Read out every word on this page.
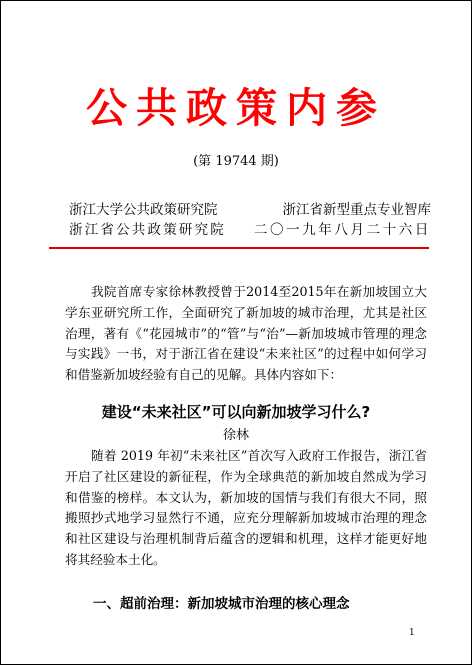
公共政策内参
(第 19744 期)
浙江大学公共政策研究院	浙江省新型重点专业智库
浙江省公共政策研究院 二〇一九年八月二十六日

我院首席专家徐林教授曾于2014至2015年在新加坡国立大学东亚研究所工作，全面研究了新加坡的城市治理，尤其是社区治理，著有《“花园城市”的“管”与“治”—新加坡城市管理的理念与实践》一书，对于浙江省在建设“未来社区”的过程中如何学习和借鉴新加坡经验有自己的见解。具体内容如下：

建设“未来社区”可以向新加坡学习什么?
徐林

随着 2019 年初“未来社区”首次写入政府工作报告，浙江省开启了社区建设的新征程，作为全球典范的新加坡自然成为学习和借鉴的榜样。本文认为，新加坡的国情与我们有很大不同，照搬照抄式地学习显然行不通，应充分理解新加坡城市治理的理念和社区建设与治理机制背后蕴含的逻辑和机理，这样才能更好地将其经验本土化。

一、超前治理：新加坡城市治理的核心理念
1
